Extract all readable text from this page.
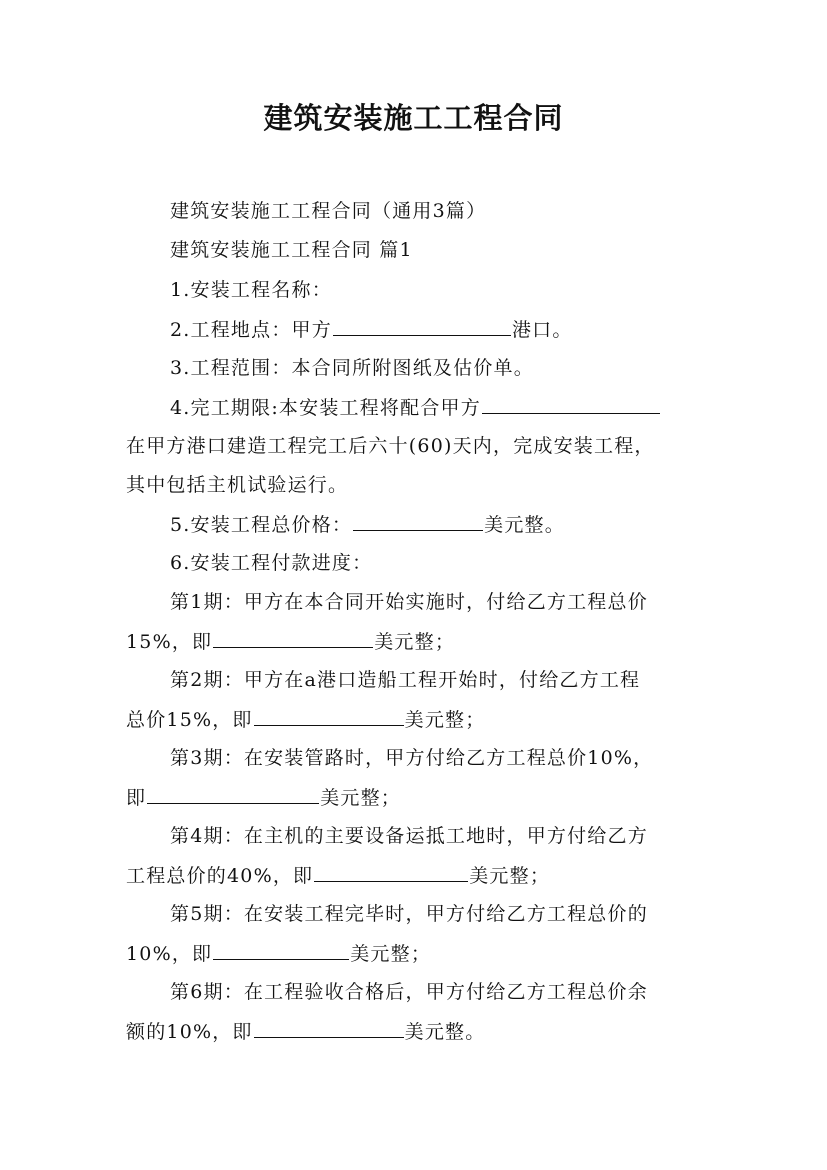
建筑安装施工工程合同
建筑安装施工工程合同（通用3篇）
建筑安装施工工程合同 篇1
1.安装工程名称：
2.工程地点：甲方	港口。
3.工程范围：本合同所附图纸及估价单。
4.完工期限:本安装工程将配合甲方
在甲方港口建造工程完工后六十(60)天内，完成安装工程，
其中包括主机试验运行。
5.安装工程总价格：	美元整。
6.安装工程付款进度：
第1期：甲方在本合同开始实施时，付给乙方工程总价
15%，即	美元整；
第2期：甲方在a港口造船工程开始时，付给乙方工程
总价15%，即	美元整；
第3期：在安装管路时，甲方付给乙方工程总价10%，
即	美元整；
第4期：在主机的主要设备运抵工地时，甲方付给乙方
工程总价的40%，即	美元整；
第5期：在安装工程完毕时，甲方付给乙方工程总价的
10%，即	美元整；
第6期：在工程验收合格后，甲方付给乙方工程总价余
额的10%，即	美元整。
